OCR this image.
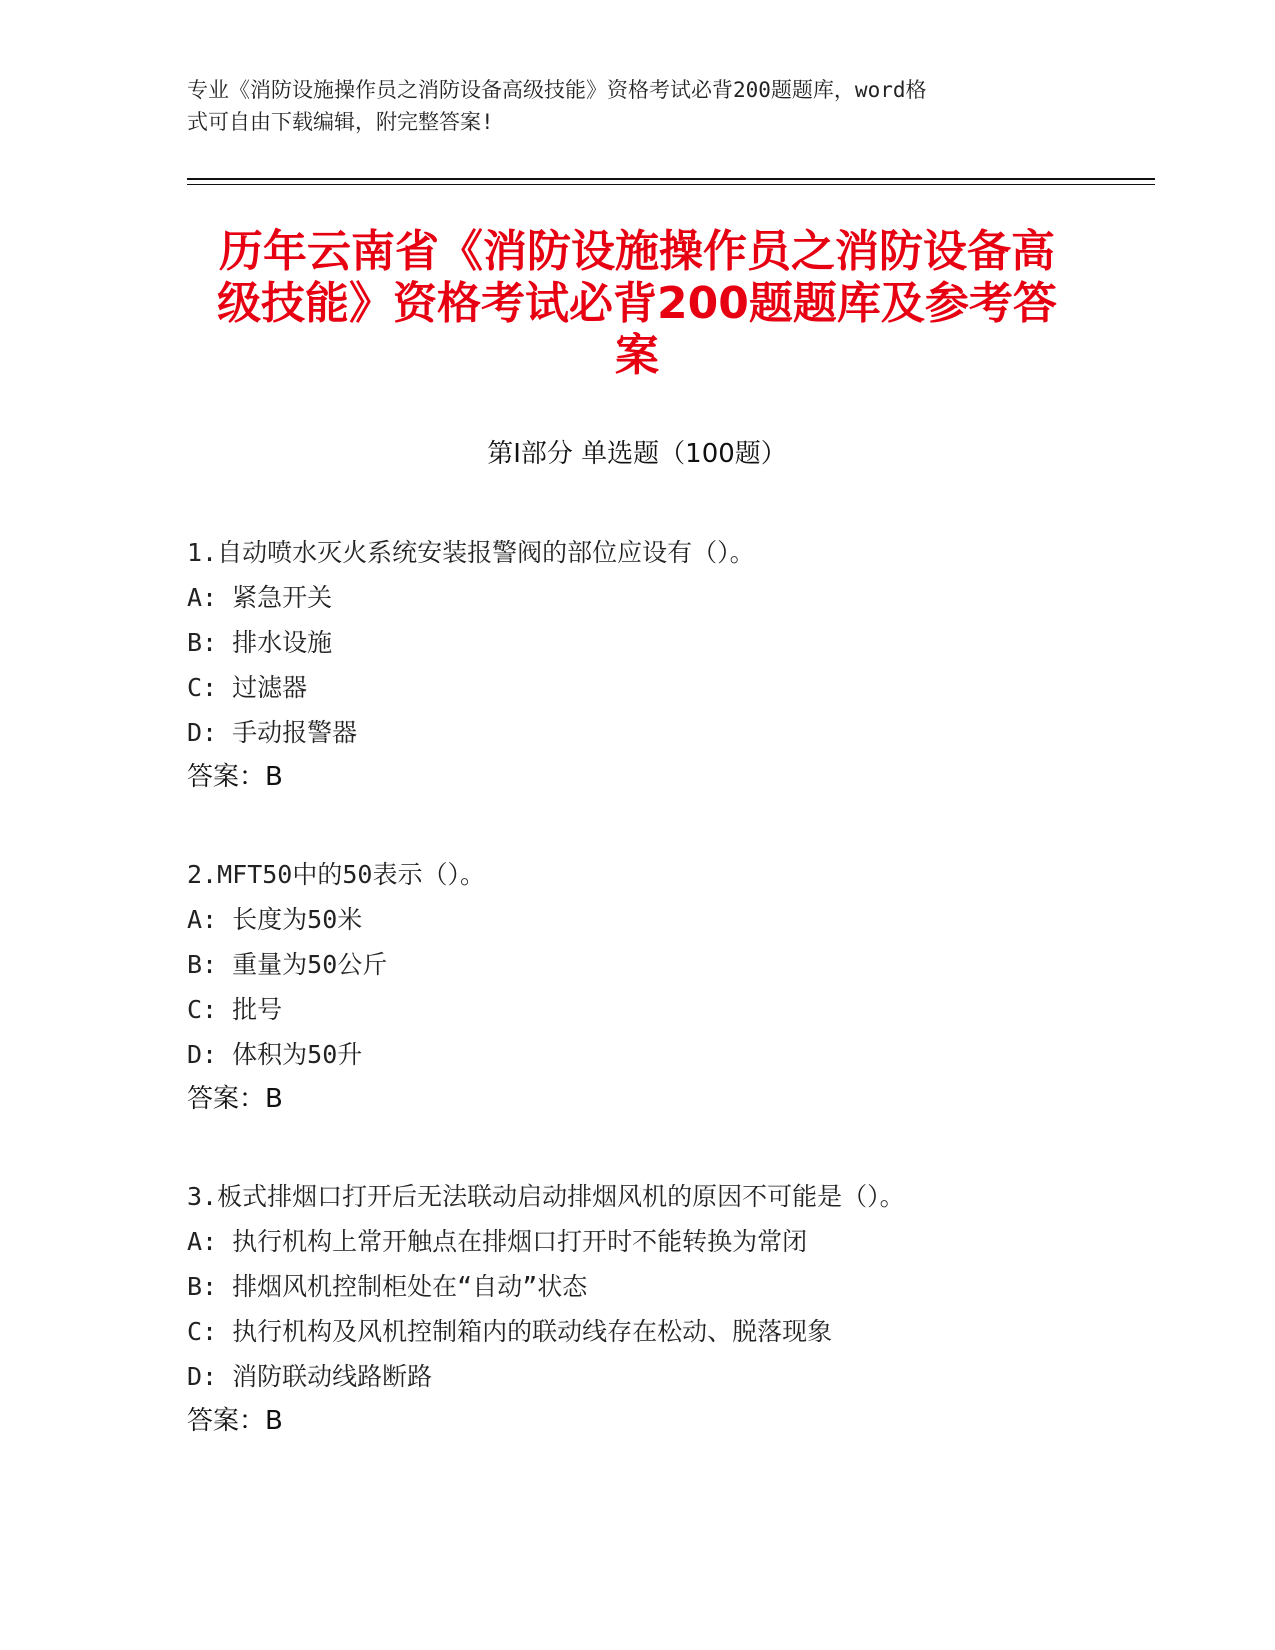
专业《消防设施操作员之消防设备高级技能》资格考试必背200题题库，word格
式可自由下载编辑，附完整答案!
历年云南省《消防设施操作员之消防设备高
级技能》资格考试必背200题题库及参考答
案
第Ⅰ部分 单选题（100题）
1.自动喷水灭火系统安装报警阀的部位应设有（）。
A: 紧急开关
B: 排水设施
C: 过滤器
D: 手动报警器
答案：B
2.MFT50中的50表示（）。
A: 长度为50米
B: 重量为50公斤
C: 批号
D: 体积为50升
答案：B
3.板式排烟口打开后无法联动启动排烟风机的原因不可能是（）。
A: 执行机构上常开触点在排烟口打开时不能转换为常闭
B: 排烟风机控制柜处在“自动”状态
C: 执行机构及风机控制箱内的联动线存在松动、脱落现象
D: 消防联动线路断路
答案：B
